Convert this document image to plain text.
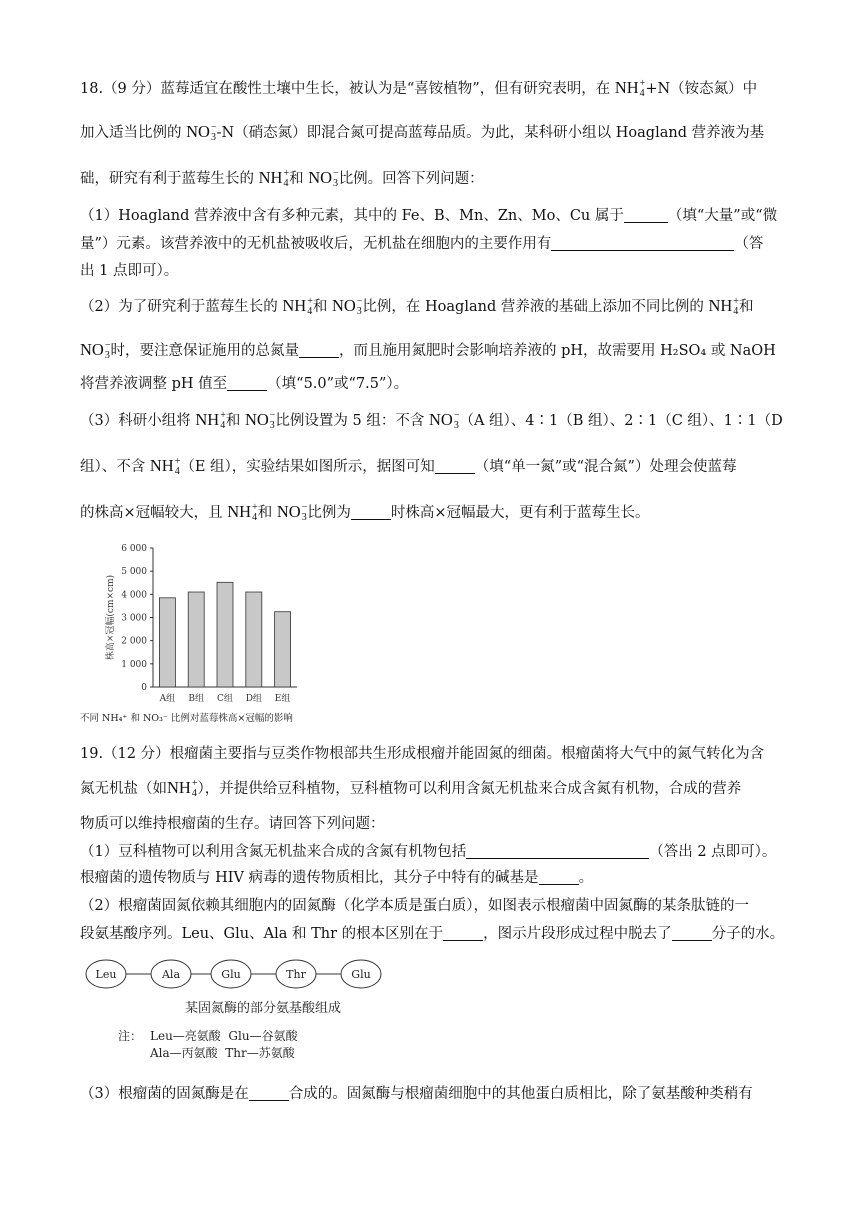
18.（9 分）蓝莓适宜在酸性土壤中生长，被认为是“喜铵植物”，但有研究表明，在 NH +
4 +N（铵态氮）中
加入适当比例的 NO −
3 -N（硝态氮）即混合氮可提高蓝莓品质。为此，某科研小组以 Hoagland 营养液为基
础，研究有利于蓝莓生长的 NH +
4 和 NO −
3 比例。回答下列问题：
（1）Hoagland 营养液中含有多种元素，其中的 Fe、B、Mn、Zn、Mo、Cu 属于	（填“大量”或“微
量”）元素。该营养液中的无机盐被吸收后，无机盐在细胞内的主要作用有	（答
出 1 点即可）。
（2）为了研究利于蓝莓生长的 NH +
4 和 NO −
3 比例，在 Hoagland 营养液的基础上添加不同比例的 NH +
4 和
NO −
3 时，要注意保证施用的总氮量	，而且施用氮肥时会影响培养液的 pH，故需要用 H₂SO₄ 或 NaOH
将营养液调整 pH 值至	（填“5.0”或“7.5”）。
（3）科研小组将 NH +
4 和 NO −
3 比例设置为 5 组：不含 NO −
3 （A 组）、4∶1（B 组）、2∶1（C 组）、1∶1（D
组）、不含 NH +
4 （E 组），实验结果如图所示，据图可知	（填“单一氮”或“混合氮”）处理会使蓝莓
的株高×冠幅较大，且 NH +
4 和 NO −
3 比例为	时株高×冠幅最大，更有利于蓝莓生长。
0
1 000
2 000
3 000
4 000
5 000
6 000
株高×冠幅(cm×cm)
A组 B组 C组 D组 E组
不同 NH₄⁺ 和 NO₃⁻ 比例对蓝莓株高×冠幅的影响
19.（12 分）根瘤菌主要指与豆类作物根部共生形成根瘤并能固氮的细菌。根瘤菌将大气中的氮气转化为含
氮无机盐（如NH +
4 ），并提供给豆科植物，豆科植物可以利用含氮无机盐来合成含氮有机物，合成的营养
物质可以维持根瘤菌的生存。请回答下列问题：
（1）豆科植物可以利用含氮无机盐来合成的含氮有机物包括	（答出 2 点即可）。
根瘤菌的遗传物质与 HIV 病毒的遗传物质相比，其分子中特有的碱基是	。
（2）根瘤菌固氮依赖其细胞内的固氮酶（化学本质是蛋白质），如图表示根瘤菌中固氮酶的某条肽链的一
段氨基酸序列。Leu、Glu、Ala 和 Thr 的根本区别在于	，图示片段形成过程中脱去了	分子的水。
Leu	Ala	Glu	Thr	Glu
某固氮酶的部分氨基酸组成
注： Leu—亮氨酸  Glu—谷氨酸
Ala—丙氨酸  Thr—苏氨酸
（3）根瘤菌的固氮酶是在	合成的。固氮酶与根瘤菌细胞中的其他蛋白质相比，除了氨基酸种类稍有
